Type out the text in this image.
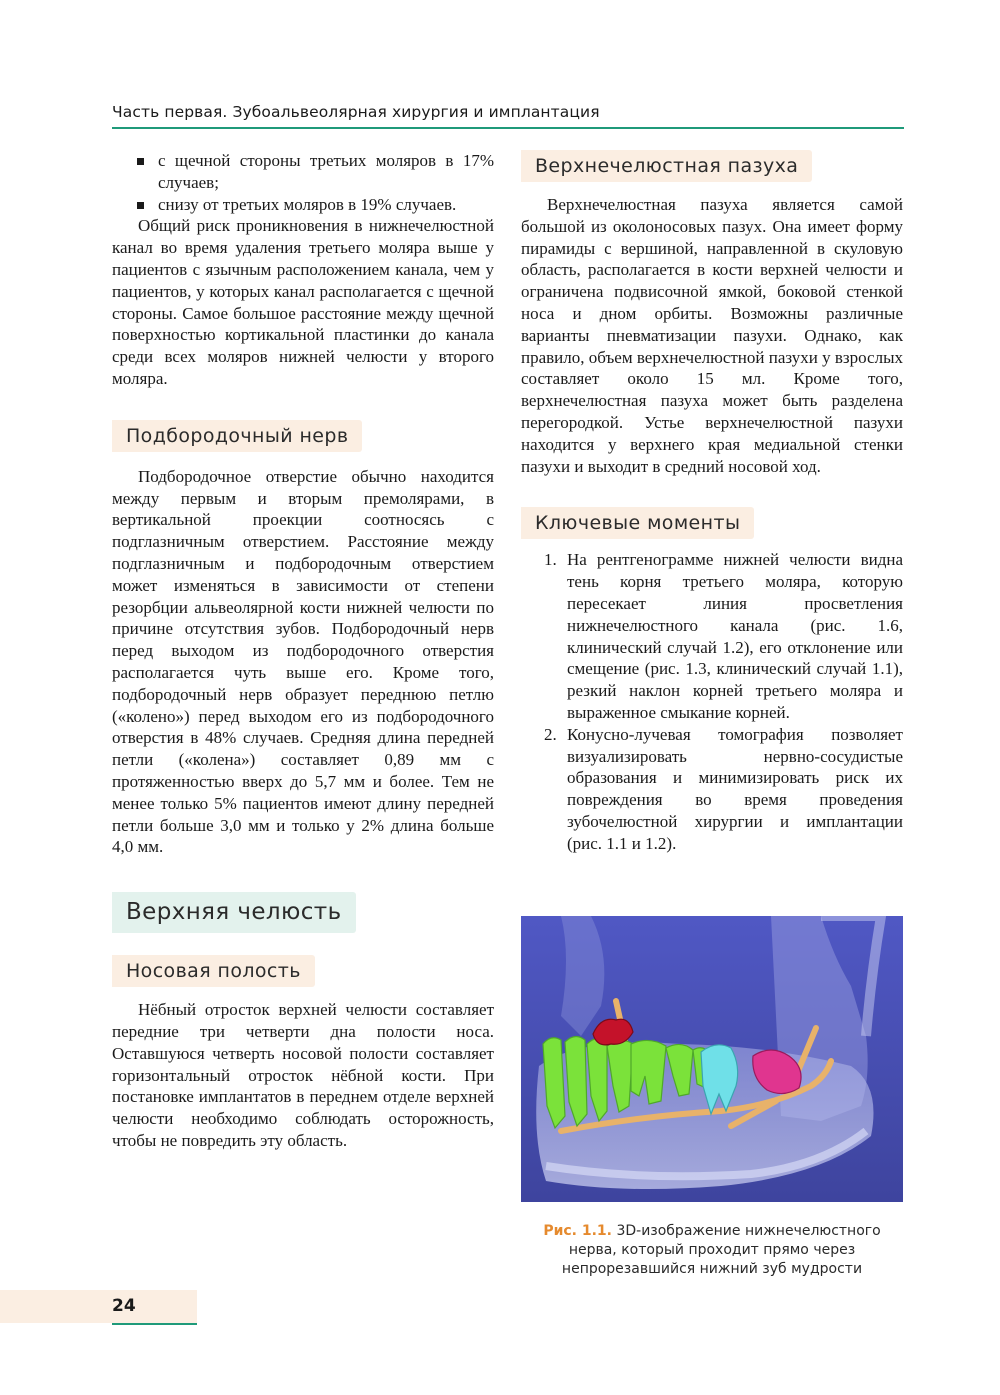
Часть первая. Зубоальвеолярная хирургия и имплантация
с щечной стороны третьих моляров в 17% случаев;
снизу от третьих моляров в 19% случаев.

Общий риск проникновения в нижнечелюстной канал во время удаления третьего моляра выше у пациентов с язычным расположением канала, чем у пациентов, у которых канал располагается с щечной стороны. Самое большое расстояние между щечной поверхностью кортикальной пластинки до канала среди всех моляров нижней челюсти у второго моляра.

Подбородочный нерв

Подбородочное отверстие обычно находится между первым и вторым премолярами, в вертикальной проекции соотносясь с подглазничным отверстием. Расстояние между подглазничным и подбородочным отверстием может изменяться в зависимости от степени резорбции альвеолярной кости нижней челюсти по причине отсутствия зубов. Подбородочный нерв перед выходом из подбородочного отверстия располагается чуть выше его. Кроме того, подбородочный нерв образует переднюю петлю («колено») перед выходом его из подбородочного отверстия в 48% случаев. Средняя длина передней петли («колена») составляет 0,89 мм с протяженностью вверх до 5,7 мм и более. Тем не менее только 5% пациентов имеют длину передней петли больше 3,0 мм и только у 2% длина больше 4,0 мм.

Верхняя челюсть
Носовая полость

Нёбный отросток верхней челюсти составляет передние три четверти дна полости носа. Оставшуюся четверть носовой полости составляет горизонтальный отросток нёбной кости. При постановке имплантатов в переднем отделе верхней челюсти необходимо соблюдать осторожность, чтобы не повредить эту область.

Верхнечелюстная пазуха

Верхнечелюстная пазуха является самой большой из околоносовых пазух. Она имеет форму пирамиды с вершиной, направленной в скуловую область, располагается в кости верхней челюсти и ограничена подвисочной ямкой, боковой стенкой носа и дном орбиты. Возможны различные варианты пневматизации пазухи. Однако, как правило, объем верхнечелюстной пазухи у взрослых составляет около 15 мл. Кроме того, верхнечелюстная пазуха может быть разделена перегородкой. Устье верхнечелюстной пазухи находится у верхнего края медиальной стенки пазухи и выходит в средний носовой ход.

Ключевые моменты
1. На рентгенограмме нижней челюсти видна тень корня третьего моляра, которую пересекает линия просветления нижнечелюстного канала (рис. 1.6, клинический случай 1.2), его отклонение или смещение (рис. 1.3, клинический случай 1.1), резкий наклон корней третьего моляра и выраженное смыкание корней.
2. Конусно-лучевая томография позволяет визуализировать нервно-сосудистые образования и минимизировать риск их повреждения во время проведения зубочелюстной хирургии и имплантации (рис. 1.1 и 1.2).
Рис. 1.1. 3D-изображение нижнечелюстного нерва, который проходит прямо через непрорезавшийся нижний зуб мудрости
24
